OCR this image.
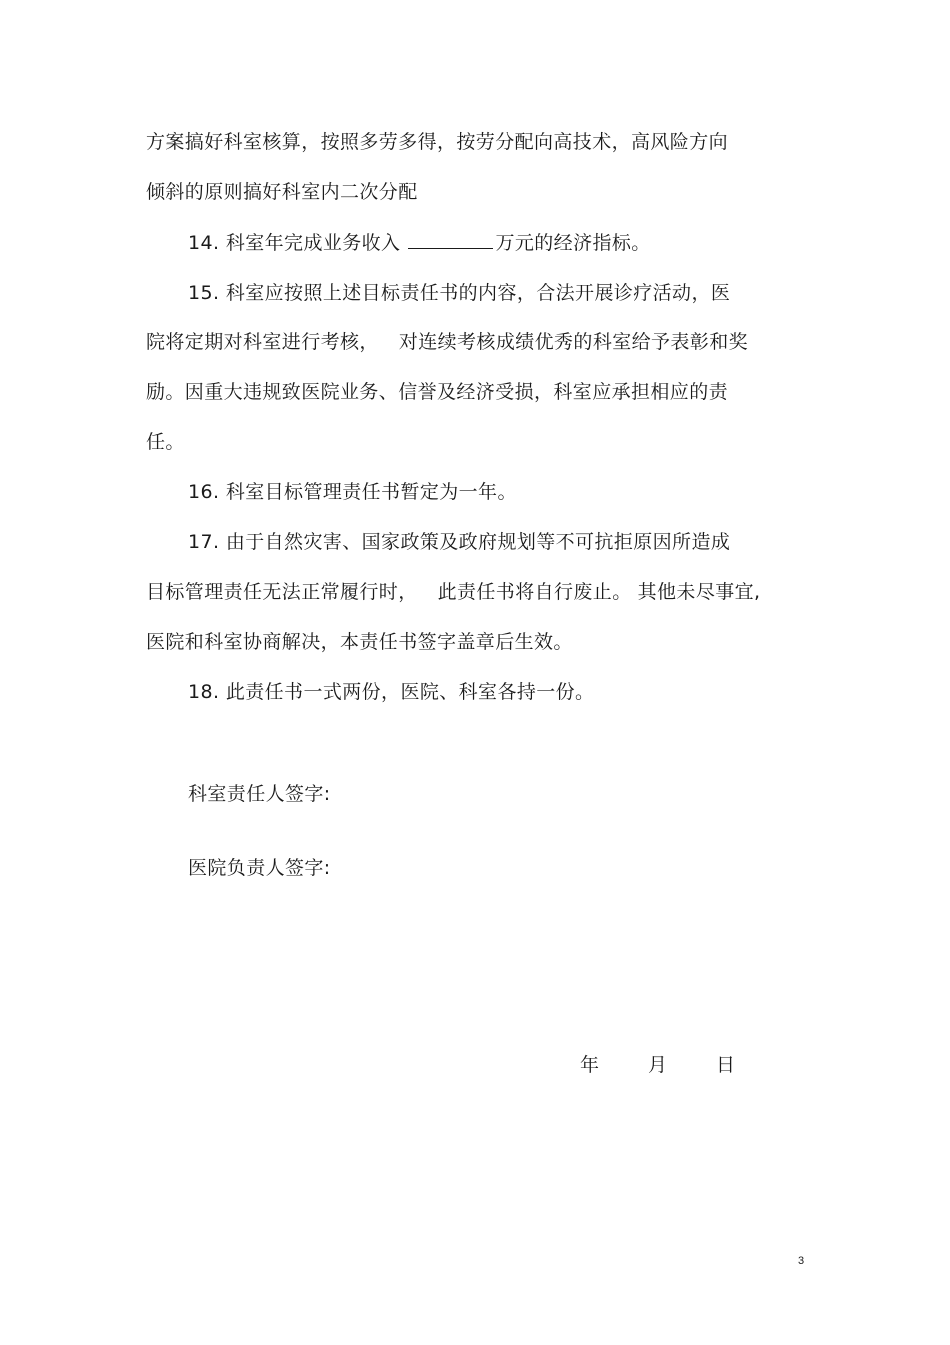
方案搞好科室核算，按照多劳多得，按劳分配向高技术，高风险方向
倾斜的原则搞好科室内二次分配
14. 科室年完成业务收入	万元的经济指标。
15. 科室应按照上述目标责任书的内容，合法开展诊疗活动，医
院将定期对科室进行考核， 对连续考核成绩优秀的科室给予表彰和奖
励。因重大违规致医院业务、信誉及经济受损，科室应承担相应的责
任。
16. 科室目标管理责任书暂定为一年。
17. 由于自然灾害、国家政策及政府规划等不可抗拒原因所造成
目标管理责任无法正常履行时， 此责任书将自行废止。 其他未尽事宜,
医院和科室协商解决，本责任书签字盖章后生效。
18. 此责任书一式两份，医院、科室各持一份。
科室责任人签字:
医院负责人签字:
年	月	日
3
